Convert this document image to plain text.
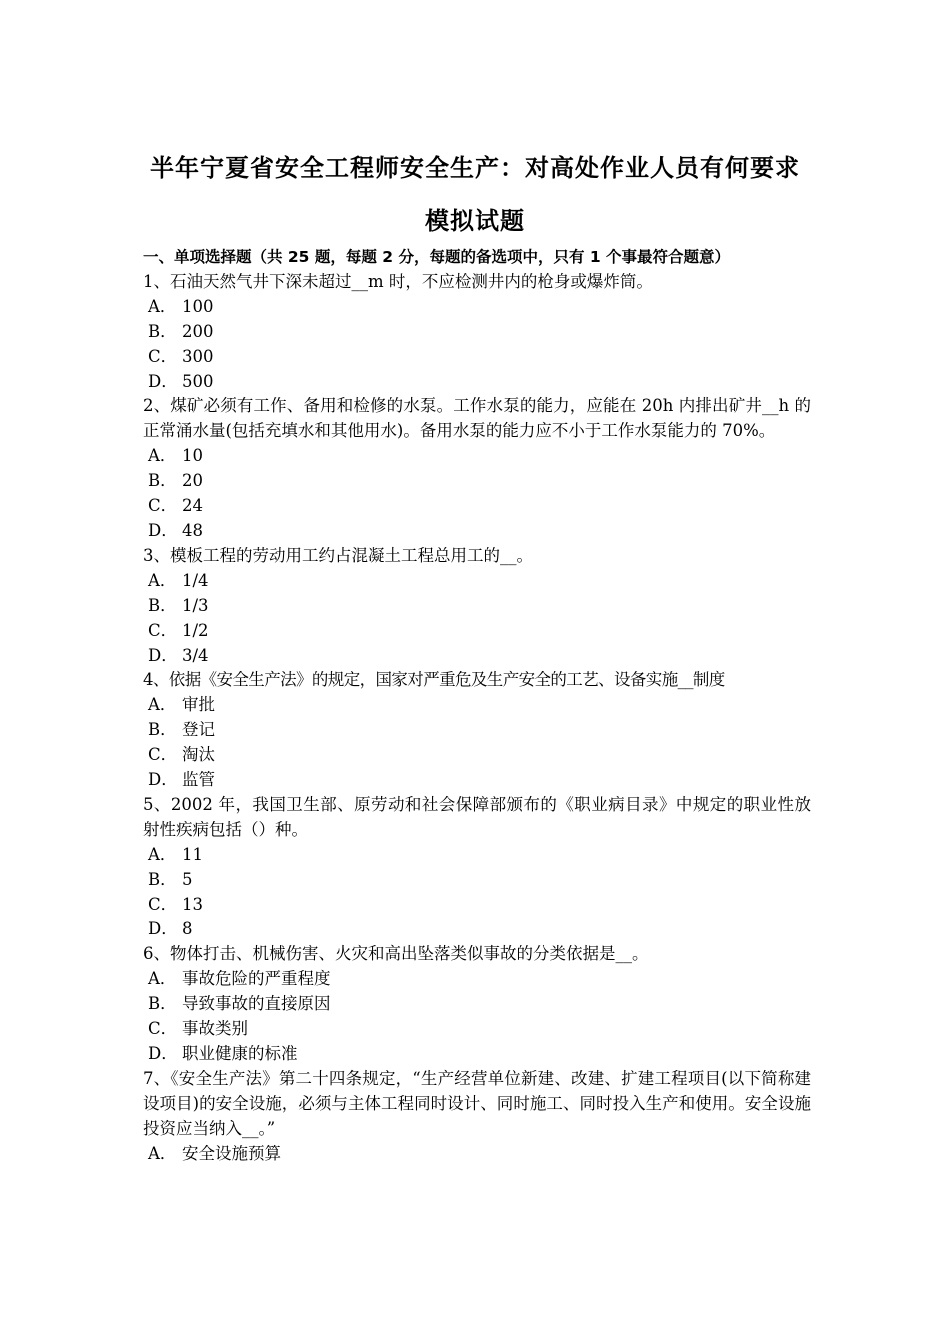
半年宁夏省安全工程师安全生产：对高处作业人员有何要求
模拟试题
一、单项选择题（共 25 题，每题 2 分，每题的备选项中，只有 1 个事最符合题意）
1、石油天然气井下深未超过__m 时，不应检测井内的枪身或爆炸筒。
A． 100
B． 200
C． 300
D． 500
2、煤矿必须有工作、备用和检修的水泵。工作水泵的能力，应能在 20h 内排出矿井__h 的正常涌水量(包括充填水和其他用水)。备用水泵的能力应不小于工作水泵能力的 70%。
A． 10
B． 20
C． 24
D． 48
3、模板工程的劳动用工约占混凝土工程总用工的__。
A． 1/4
B． 1/3
C． 1/2
D． 3/4
4、依据《安全生产法》的规定，国家对严重危及生产安全的工艺、设备实施__制度
A． 审批
B． 登记
C． 淘汰
D． 监管
5、2002 年，我国卫生部、原劳动和社会保障部颁布的《职业病目录》中规定的职业性放射性疾病包括（）种。
A． 11
B． 5
C． 13
D． 8
6、物体打击、机械伤害、火灾和高出坠落类似事故的分类依据是__。
A． 事故危险的严重程度
B． 导致事故的直接原因
C． 事故类别
D． 职业健康的标准
7、《安全生产法》第二十四条规定，“生产经营单位新建、改建、扩建工程项目(以下简称建设项目)的安全设施，必须与主体工程同时设计、同时施工、同时投入生产和使用。安全设施投资应当纳入__。”
A． 安全设施预算
